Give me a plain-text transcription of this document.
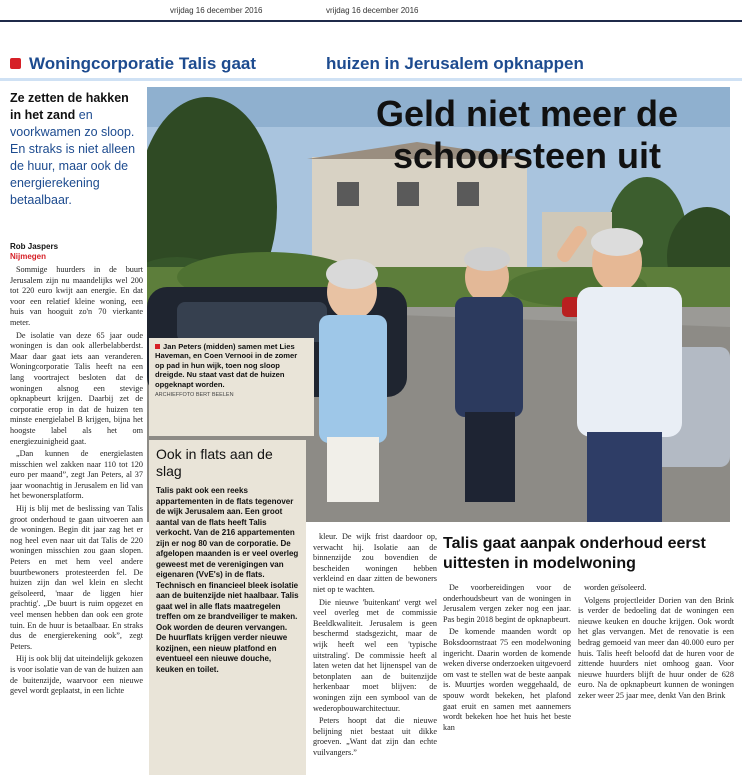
vrijdag 16 december 2016	vrijdag 16 december 2016
Woningcorporatie Talis gaat	huizen in Jerusalem opknappen
Ze zetten de hakken in het zand en voorkwamen zo sloop. En straks is niet alleen de huur, maar ook de energierekening betaalbaar.
Rob Jaspers
Nijmegen

Sommige huurders in de buurt Jerusalem zijn nu maandelijks wel 200 tot 220 euro kwijt aan energie. En dat voor een relatief kleine woning, een huis van hooguit zo'n 70 vierkante meter.

De isolatie van deze 65 jaar oude woningen is dan ook allerbelabberdst. Maar daar gaat iets aan veranderen. Woningcorporatie Talis heeft na een lang voortraject besloten dat de woningen alsnog een stevige opknapbeurt krijgen. Daarbij zet de corporatie erop in dat de huizen ten minste energielabel B krijgen, bijna het hoogste label als het om energiezuinigheid gaat.

„Dan kunnen de energielasten misschien wel zakken naar 110 tot 120 euro per maand”, zegt Jan Peters, al 37 jaar woonachtig in Jerusalem en lid van het bewonersplatform.

Hij is blij met de beslissing van Talis groot onderhoud te gaan uitvoeren aan de woningen. Begin dit jaar zag het er nog heel even naar uit dat Talis de 220 woningen misschien zou gaan slopen. Peters en met hem veel andere buurtbewoners protesteerden fel. De huizen zijn dan wel klein en slecht geïsoleerd, 'maar de liggen hier prachtig'. „De buurt is ruim opgezet en veel mensen hebben dan ook een grote tuin. En de huur is betaalbaar. En straks dus de energierekening ook”, zegt Peters.

Hij is ook blij dat uiteindelijk gekozen is voor isolatie van de van de huizen aan de buitenzijde, waarvoor een nieuwe gevel wordt geplaatst, in een lichte

Geld niet meer de
schoorsteen uit
Jan Peters (midden) samen met Lies Haveman, en Coen Vernooi in de zomer op pad in hun wijk, toen nog sloop dreigde. Nu staat vast dat de huizen opgeknapt worden.
ARCHIEFFOTO BERT BEELEN
Ook in flats aan de slag
Talis pakt ook een reeks appartementen in de flats tegenover de wijk Jerusalem aan. Een groot aantal van de flats heeft Talis verkocht. Van de 216 appartementen zijn er nog 80 van de corporatie. De afgelopen maanden is er veel overleg geweest met de verenigingen van eigenaren (VvE's) in de flats. Technisch en financieel bleek isolatie aan de buitenzijde niet haalbaar. Talis gaat wel in alle flats maatregelen treffen om ze brandveiliger te maken. Ook worden de deuren vervangen. De huurflats krijgen verder nieuwe kozijnen, een nieuw platfond en eventueel een nieuwe douche, keuken en toilet.

kleur. De wijk frist daardoor op, verwacht hij. Isolatie aan de binnenzijde zou bovendien de bescheiden woningen hebben verkleind en daar zitten de bewoners niet op te wachten.

Die nieuwe 'buitenkant' vergt wel veel overleg met de commissie Beeldkwaliteit. Jerusalem is geen beschermd stadsgezicht, maar de wijk heeft wel een 'typische uitstraling'. De commissie heeft al laten weten dat het lijnenspel van de betonplaten aan de buitenzijde herkenbaar moet blijven: de woningen zijn een symbool van de wederopbouwarchitectuur.

Peters hoopt dat die nieuwe belijning niet bestaat uit dikke groeven. „Want dat zijn dan echte vuilvangers.”

Talis gaat aanpak onderhoud eerst uittesten in modelwoning

De voorbereidingen voor de onderhoudsbeurt van de woningen in Jerusalem vergen zeker nog een jaar. Pas begin 2018 begint de opknapbeurt.

De komende maanden wordt op Boksdoornstraat 75 een modelwoning ingericht. Daarin worden de komende weken diverse onderzoeken uitgevoerd om vast te stellen wat de beste aanpak is. Muurtjes worden weggehaald, de spouw wordt bekeken, het plafond gaat eruit en samen met aannemers wordt bekeken hoe het huis het beste kan

worden geïsoleerd.

Volgens projectleider Dorien van den Brink is verder de bedoeling dat de woningen een nieuwe keuken en douche krijgen. Ook wordt het glas vervangen. Met de renovatie is een bedrag gemoeid van meer dan 40.000 euro per huis. Talis heeft beloofd dat de huren voor de zittende huurders niet omhoog gaan. Voor nieuwe huurders blijft de huur onder de 628 euro. Na de opknapbeurt kunnen de woningen zeker weer 25 jaar mee, denkt Van den Brink
